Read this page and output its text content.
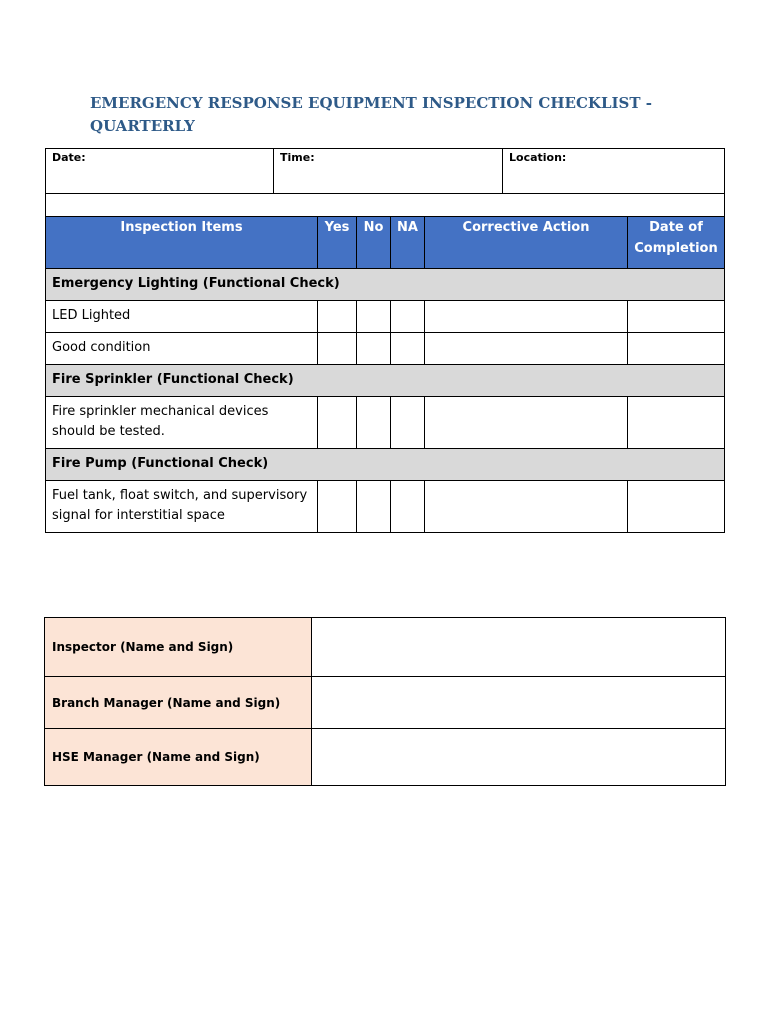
EMERGENCY RESPONSE EQUIPMENT INSPECTION CHECKLIST - QUARTERLY
Date:	Time:	Location:

Inspection Items	Yes	No	NA	Corrective Action	Date of Completion
Emergency Lighting (Functional Check)					
LED Lighted					
Good condition					
Fire Sprinkler (Functional Check)					
Fire sprinkler mechanical devices should be tested.					
Fire Pump (Functional Check)					
Fuel tank, float switch, and supervisory signal for interstitial space					
Inspector (Name and Sign)	
Branch Manager (Name and Sign)	
HSE Manager (Name and Sign)	
